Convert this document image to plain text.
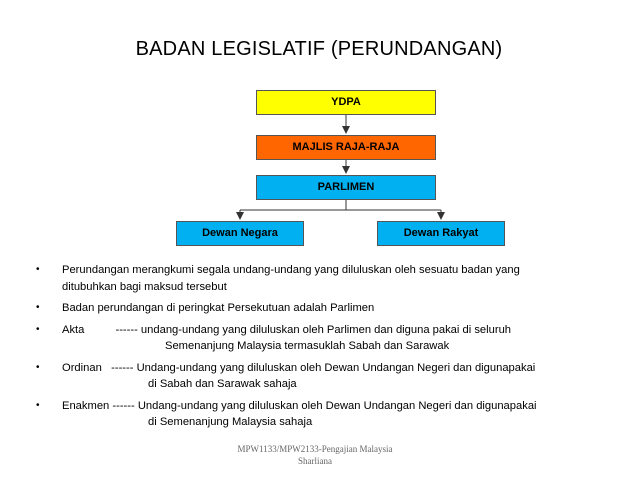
BADAN LEGISLATIF (PERUNDANGAN)
YDPA
MAJLIS RAJA-RAJA
PARLIMEN
Dewan Negara	Dewan Rakyat
•	Perundangan merangkumi segala undang-undang yang diluluskan oleh sesuatu badan yang
ditubuhkan bagi maksud tersebut
•	Badan perundangan di peringkat Persekutuan adalah Parlimen
•	Akta          ------ undang-undang yang diluluskan oleh Parlimen dan diguna pakai di seluruh
Semenanjung Malaysia termasuklah Sabah dan Sarawak
•	Ordinan   ------ Undang-undang yang diluluskan oleh Dewan Undangan Negeri dan digunapakai
di Sabah dan Sarawak sahaja
•	Enakmen ------ Undang-undang yang diluluskan oleh Dewan Undangan Negeri dan digunapakai
di Semenanjung Malaysia sahaja
MPW1133/MPW2133-Pengajian Malaysia
Sharliana
